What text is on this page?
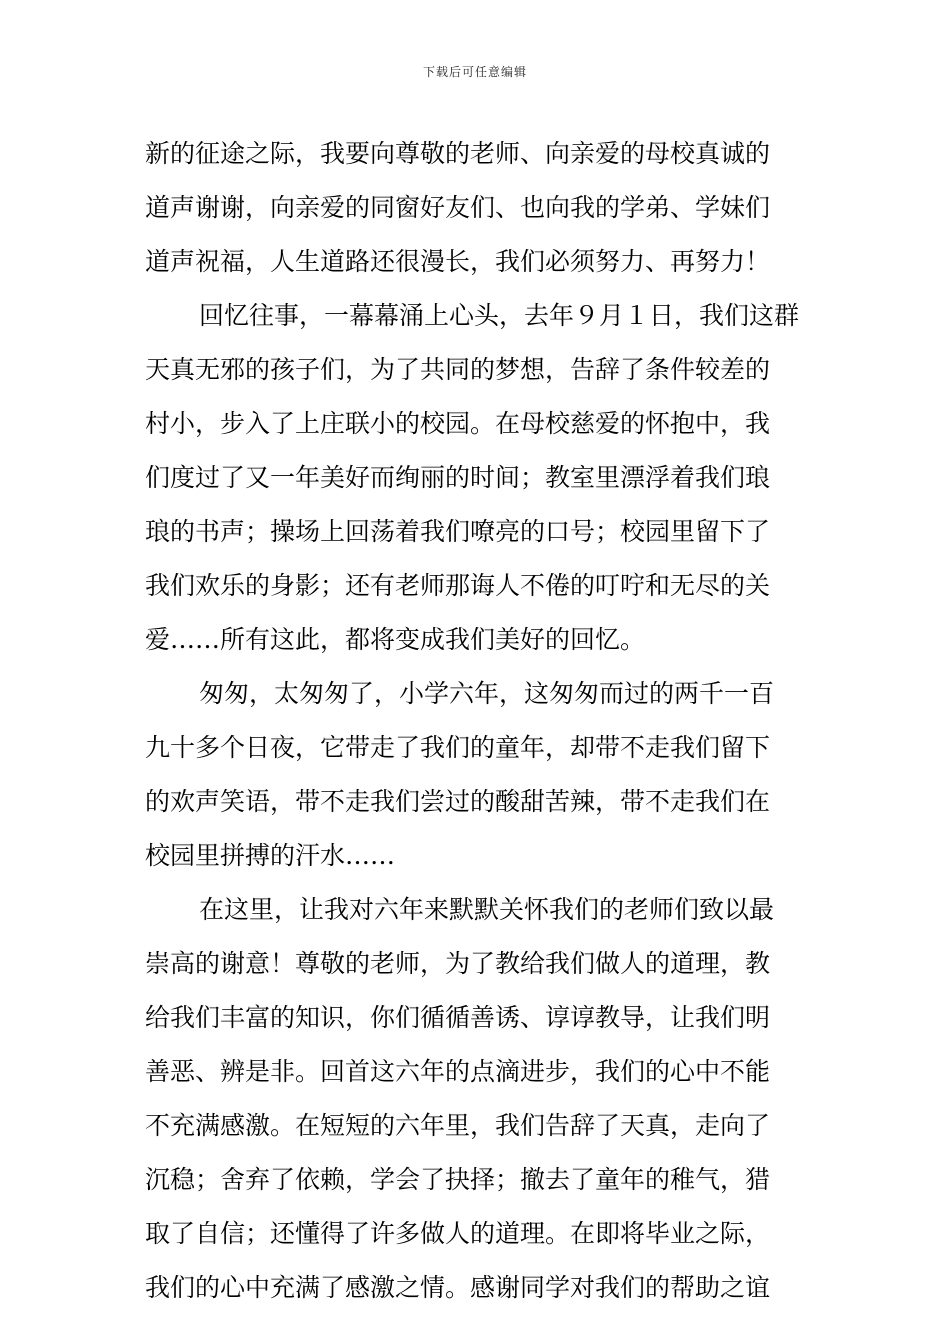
下载后可任意编辑
新的征途之际，我要向尊敬的老师、向亲爱的母校真诚的
道声谢谢，向亲爱的同窗好友们、也向我的学弟、学妹们
道声祝福，人生道路还很漫长，我们必须努力、再努力！
回忆往事，一幕幕涌上心头，去年９月１日，我们这群
天真无邪的孩子们，为了共同的梦想，告辞了条件较差的
村小，步入了上庄联小的校园。在母校慈爱的怀抱中，我
们度过了又一年美好而绚丽的时间；教室里漂浮着我们琅
琅的书声；操场上回荡着我们嘹亮的口号；校园里留下了
我们欢乐的身影；还有老师那诲人不倦的叮咛和无尽的关
爱……所有这此，都将变成我们美好的回忆。
匆匆，太匆匆了，小学六年，这匆匆而过的两千一百
九十多个日夜，它带走了我们的童年，却带不走我们留下
的欢声笑语，带不走我们尝过的酸甜苦辣，带不走我们在
校园里拼搏的汗水……
在这里，让我对六年来默默关怀我们的老师们致以最
崇高的谢意！尊敬的老师，为了教给我们做人的道理，教
给我们丰富的知识，你们循循善诱、谆谆教导，让我们明
善恶、辨是非。回首这六年的点滴进步，我们的心中不能
不充满感激。在短短的六年里，我们告辞了天真，走向了
沉稳；舍弃了依赖，学会了抉择；撤去了童年的稚气，猎
取了自信；还懂得了许多做人的道理。在即将毕业之际，
我们的心中充满了感激之情。感谢同学对我们的帮助之谊
